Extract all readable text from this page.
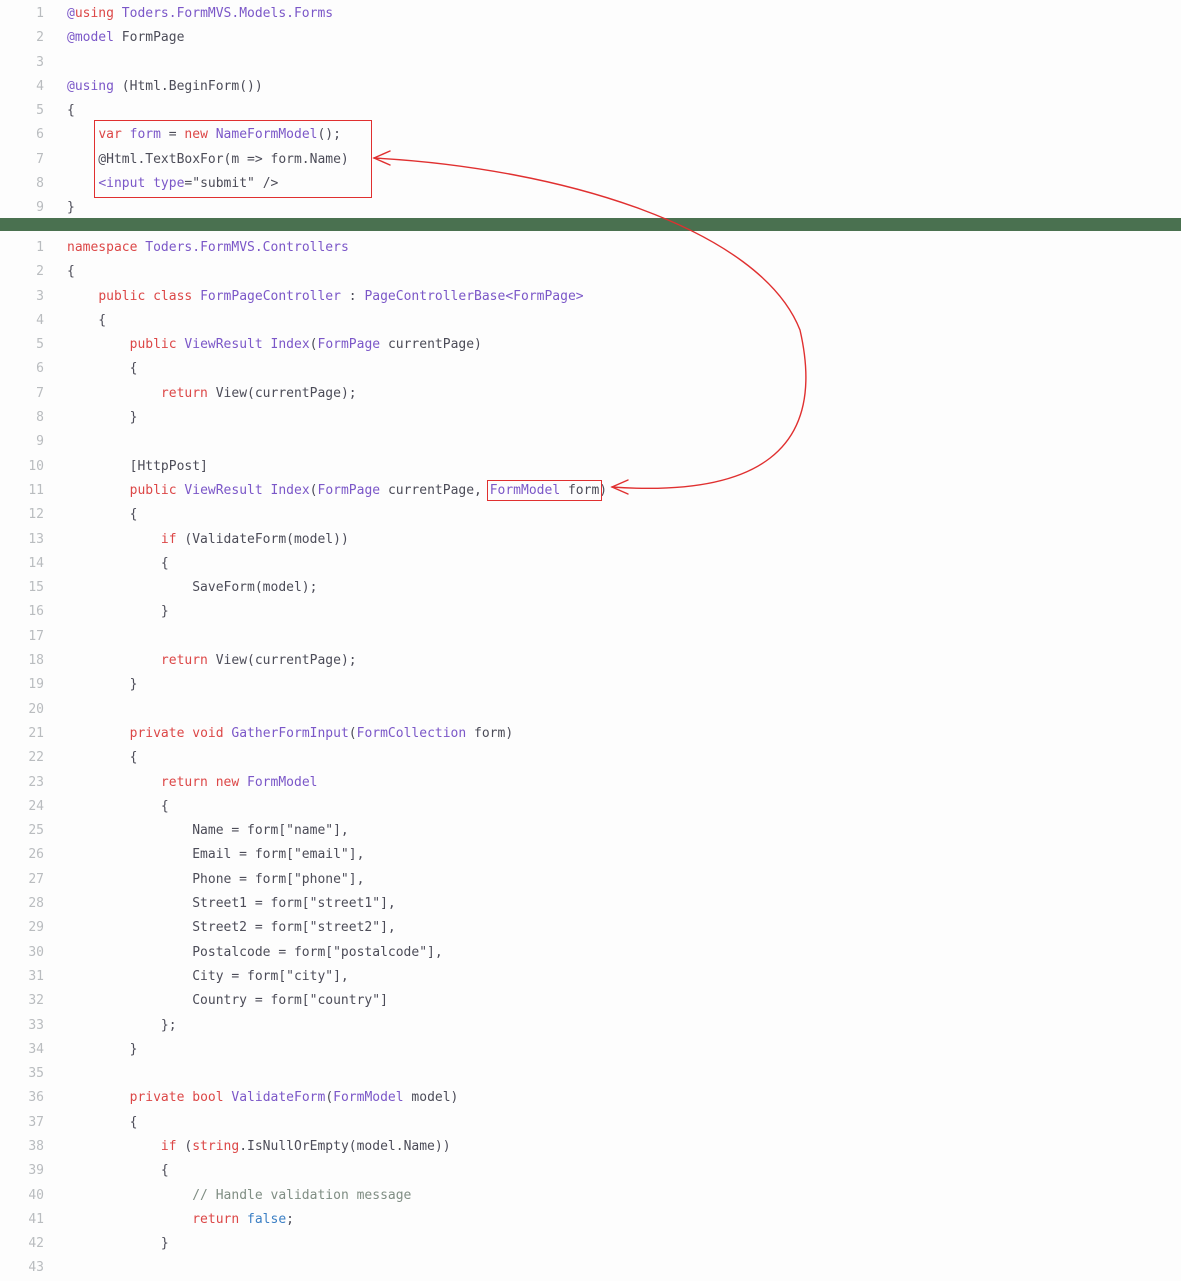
1 @using Toders.FormMVS.Models.Forms
2 @model FormPage
3
4 @using (Html.BeginForm())
5 {
6	var form = new NameFormModel();
7 @Html.TextBoxFor(m => form.Name)
8	<input type="submit" />
9 }
1 namespace Toders.FormMVS.Controllers
2 {
3	public class FormPageController : PageControllerBase<FormPage>
4 {
5	public ViewResult Index(FormPage currentPage)
6 {
7	return View(currentPage);
8 }
9
10 [HttpPost]
11	public ViewResult Index(FormPage currentPage, FormModel form)
12 {
13	if (ValidateForm(model))
14 {
15 SaveForm(model);
16 }
17
18	return View(currentPage);
19 }
20
21	private void GatherFormInput(FormCollection form)
22 {
23	return new FormModel
24 {
25 Name = form["name"],
26 Email = form["email"],
27 Phone = form["phone"],
28 Street1 = form["street1"],
29 Street2 = form["street2"],
30 Postalcode = form["postalcode"],
31 City = form["city"],
32 Country = form["country"]
33 };
34 }
35
36	private bool ValidateForm(FormModel model)
37 {
38	if (string.IsNullOrEmpty(model.Name))
39 {
40	// Handle validation message
41	return false;
42 }
43
